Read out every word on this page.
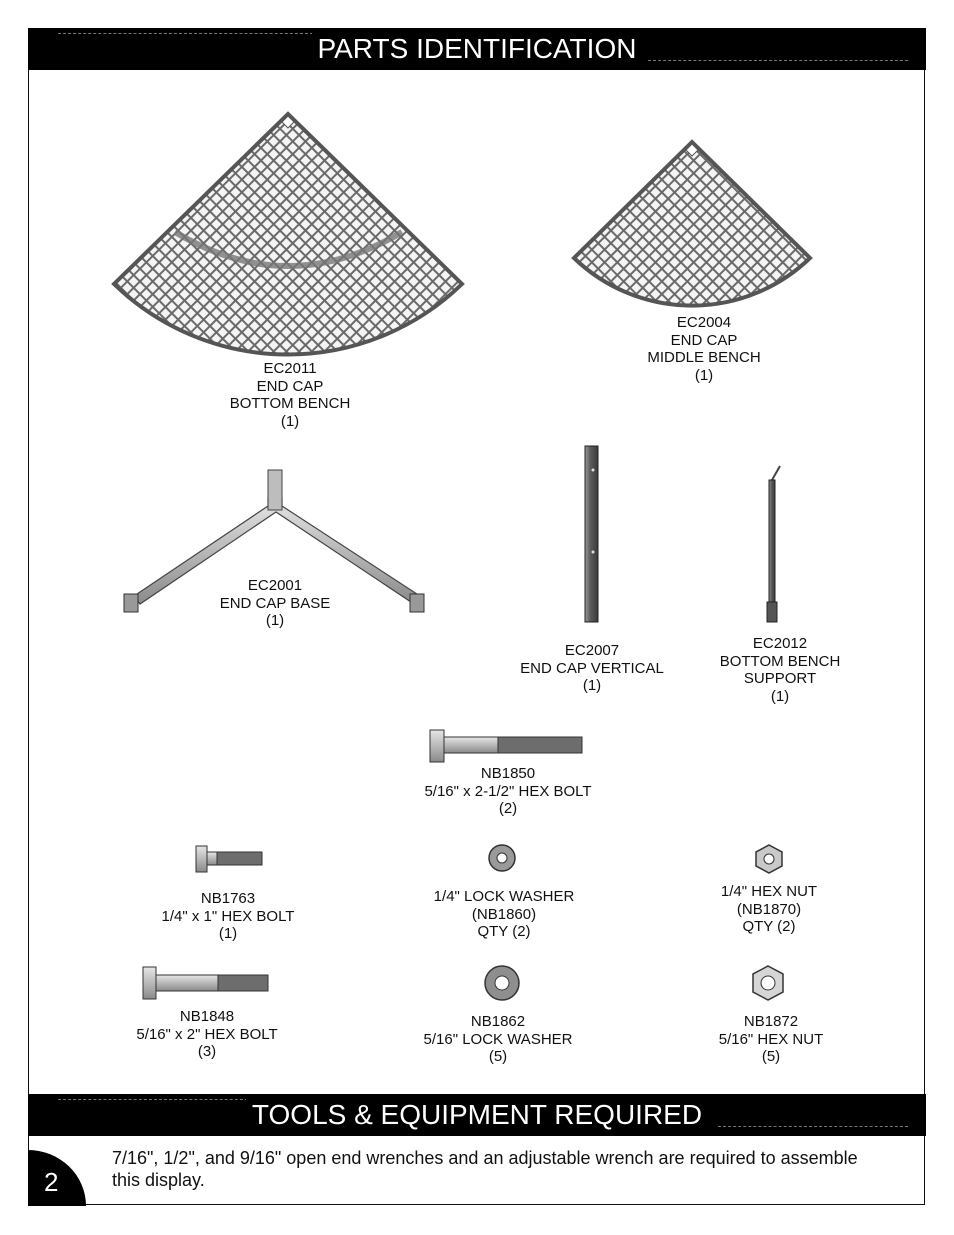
PARTS IDENTIFICATION
EC2011
END CAP
BOTTOM BENCH
(1)
EC2004
END CAP
MIDDLE BENCH
(1)
EC2001
END CAP BASE
(1)
EC2007
END CAP VERTICAL
(1)
EC2012
BOTTOM BENCH
SUPPORT
(1)
NB1850
5/16" x 2-1/2" HEX BOLT
(2)
NB1763
1/4" x 1" HEX BOLT
(1)
1/4" LOCK WASHER
(NB1860)
QTY (2)
1/4" HEX NUT
(NB1870)
QTY (2)
NB1848
5/16" x 2" HEX BOLT
(3)
NB1862
5/16" LOCK WASHER
(5)
NB1872
5/16" HEX NUT
(5)
TOOLS & EQUIPMENT REQUIRED
7/16", 1/2", and 9/16" open end wrenches and an adjustable wrench are required to assemble this display.
2
